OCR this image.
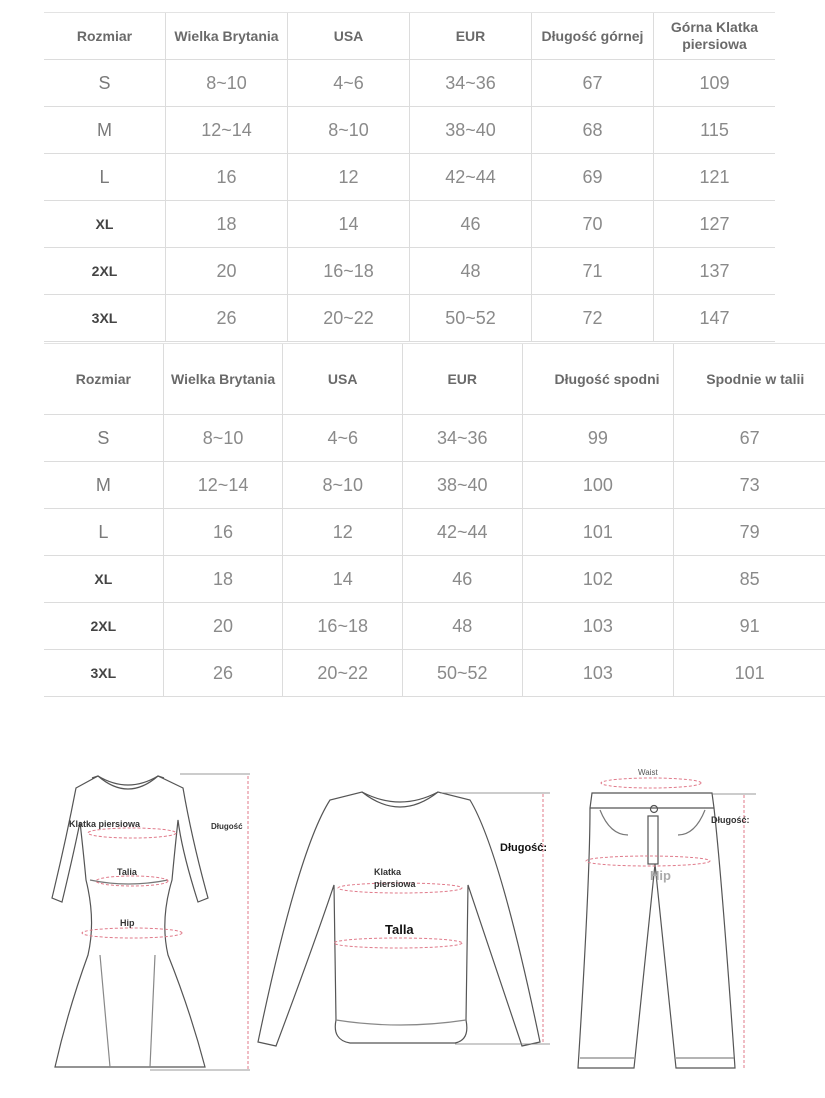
Rozmiar	Wielka Brytania	USA	EUR	Długość górnej	Górna Klatka piersiowa
S	8~10	4~6	34~36	67	109
M	12~14	8~10	38~40	68	115
L	16	12	42~44	69	121
XL	18	14	46	70	127
2XL	20	16~18	48	71	137
3XL	26	20~22	50~52	72	147
Rozmiar	Wielka Brytania	USA	EUR	Długość spodni	Spodnie w talii
S	8~10	4~6	34~36	99	67
M	12~14	8~10	38~40	100	73
L	16	12	42~44	101	79
XL	18	14	46	102	85
2XL	20	16~18	48	103	91
3XL	26	20~22	50~52	103	101
Klatka piersiowa
Talia
Hip
Długość
Klatka
piersiowa
Talla
Długość:
Waist
Hip
Długość:
